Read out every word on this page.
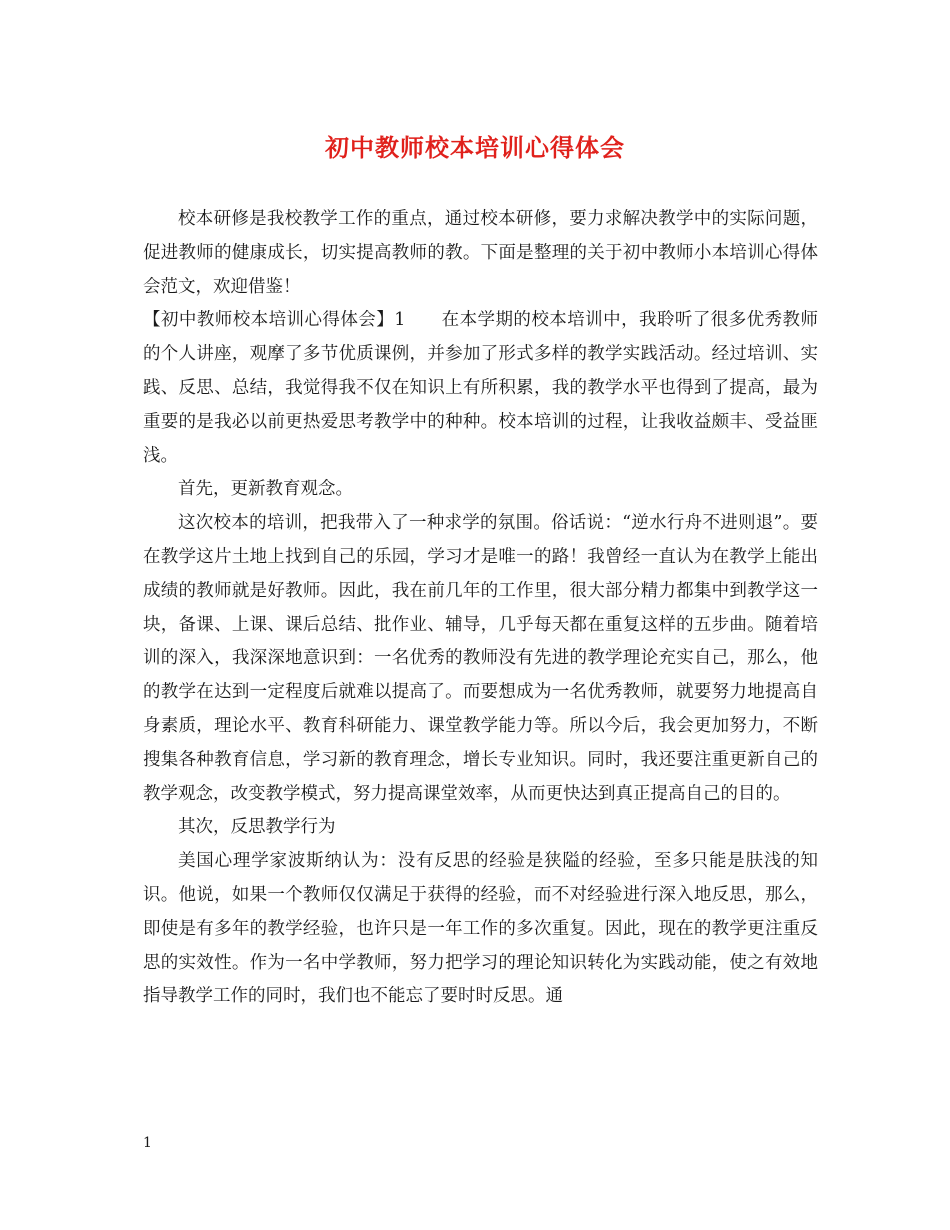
初中教师校本培训心得体会

校本研修是我校教学工作的重点，通过校本研修，要力求解决教学中的实际问题，促进教师的健康成长，切实提高教师的教。下面是整理的关于初中教师小本培训心得体会范文，欢迎借鉴！

【初中教师校本培训心得体会】1　　在本学期的校本培训中，我聆听了很多优秀教师的个人讲座，观摩了多节优质课例，并参加了形式多样的教学实践活动。经过培训、实践、反思、总结，我觉得我不仅在知识上有所积累，我的教学水平也得到了提高，最为重要的是我必以前更热爱思考教学中的种种。校本培训的过程，让我收益颇丰、受益匪浅。

首先，更新教育观念。

这次校本的培训，把我带入了一种求学的氛围。俗话说：“逆水行舟不进则退”。要在教学这片土地上找到自己的乐园，学习才是唯一的路！我曾经一直认为在教学上能出成绩的教师就是好教师。因此，我在前几年的工作里，很大部分精力都集中到教学这一块，备课、上课、课后总结、批作业、辅导，几乎每天都在重复这样的五步曲。随着培训的深入，我深深地意识到：一名优秀的教师没有先进的教学理论充实自己，那么，他的教学在达到一定程度后就难以提高了。而要想成为一名优秀教师，就要努力地提高自身素质，理论水平、教育科研能力、课堂教学能力等。所以今后，我会更加努力，不断搜集各种教育信息，学习新的教育理念，增长专业知识。同时，我还要注重更新自己的教学观念，改变教学模式，努力提高课堂效率，从而更快达到真正提高自己的目的。

其次，反思教学行为

美国心理学家波斯纳认为：没有反思的经验是狭隘的经验，至多只能是肤浅的知识。他说，如果一个教师仅仅满足于获得的经验，而不对经验进行深入地反思，那么，即使是有多年的教学经验，也许只是一年工作的多次重复。因此，现在的教学更注重反思的实效性。作为一名中学教师，努力把学习的理论知识转化为实践动能，使之有效地指导教学工作的同时，我们也不能忘了要时时反思。通

1
